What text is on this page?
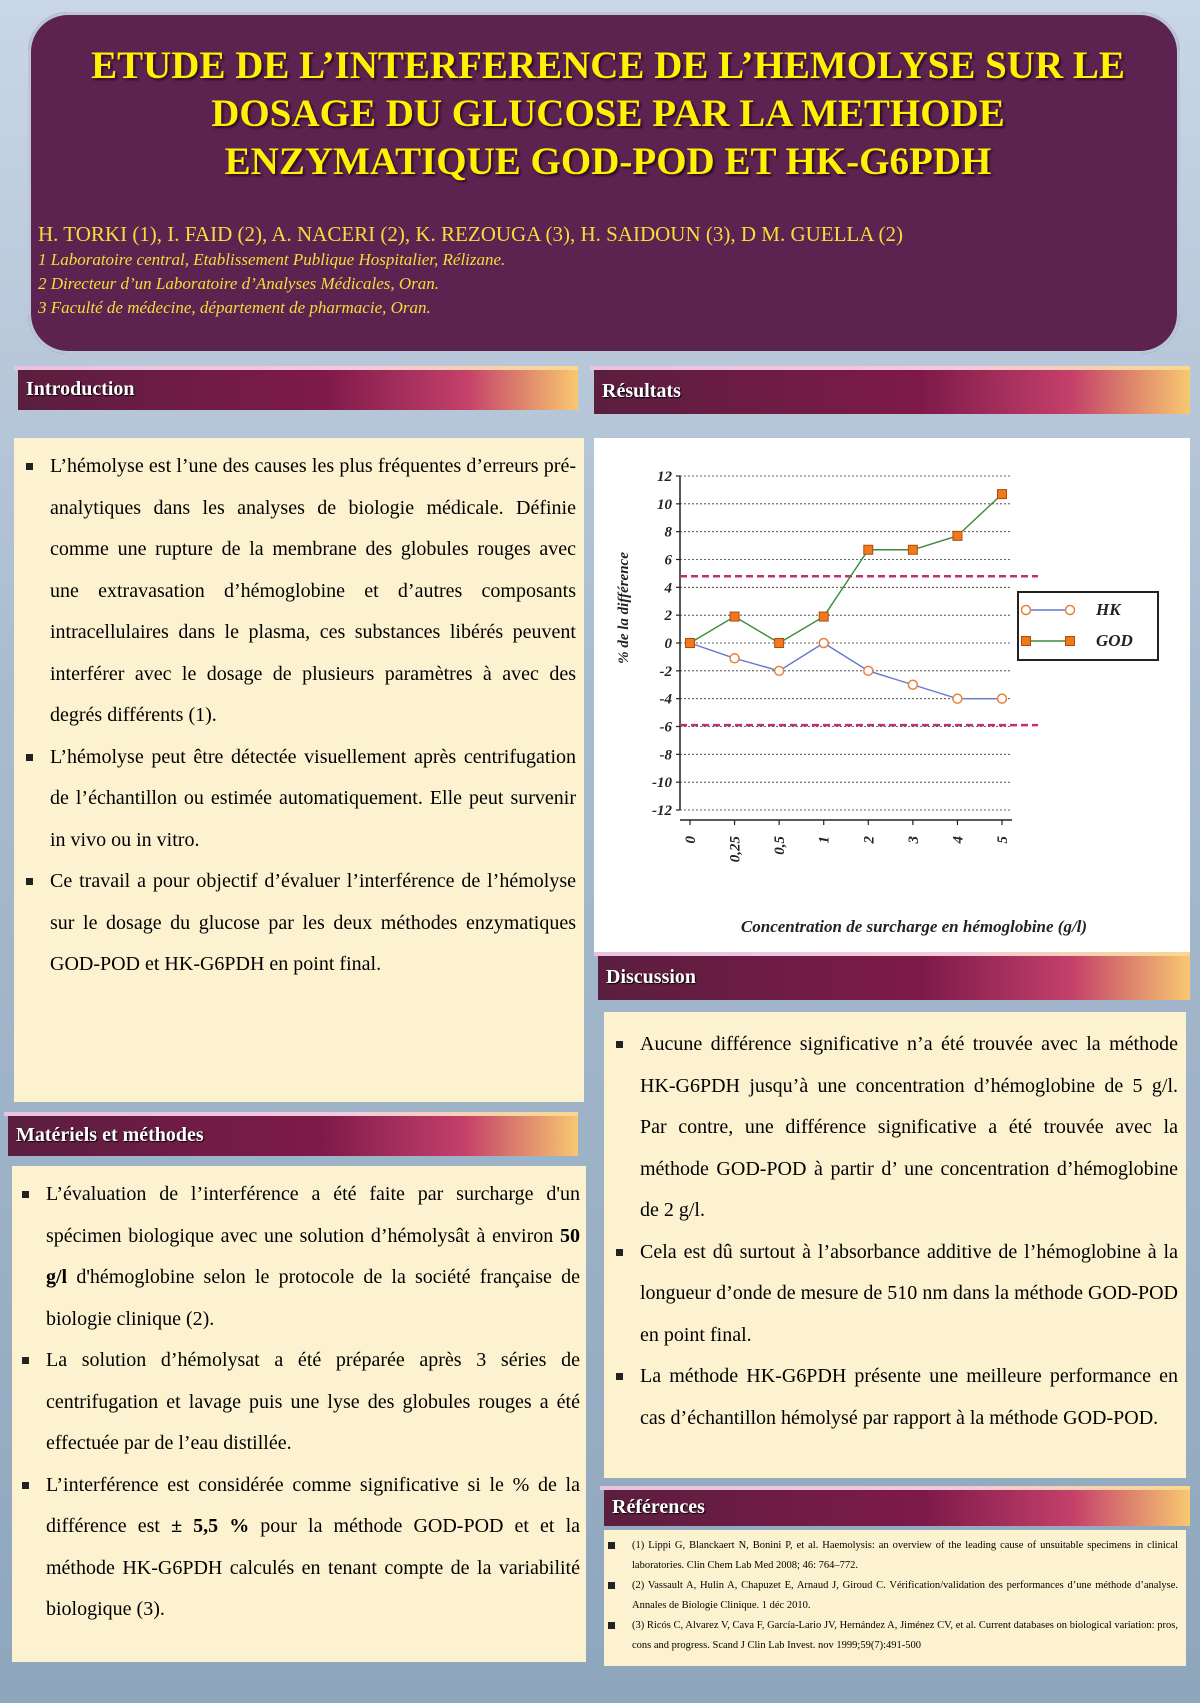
ETUDE DE L’INTERFERENCE DE L’HEMOLYSE SUR LE
DOSAGE DU GLUCOSE PAR LA METHODE
ENZYMATIQUE GOD-POD ET HK-G6PDH

H. TORKI (1), I. FAID (2), A. NACERI (2), K. REZOUGA (3), H. SAIDOUN (3), D M. GUELLA (2)

1 Laboratoire central, Etablissement Publique Hospitalier, Rélizane.

2 Directeur d’un Laboratoire d’Analyses Médicales, Oran.

3 Faculté de médecine, département de pharmacie, Oran.

Introduction
L’hémolyse est l’une des causes les plus fréquentes d’erreurs pré-analytiques dans les analyses de biologie médicale. Définie comme une rupture de la membrane des globules rouges avec une extravasation d’hémoglobine et d’autres composants intracellulaires dans le plasma, ces substances libérés peuvent interférer avec le dosage de plusieurs paramètres à avec des degrés différents (1).
L’hémolyse peut être détectée visuellement après centrifugation de l’échantillon ou estimée automatiquement. Elle peut survenir in vivo ou in vitro.
Ce travail a pour objectif d’évaluer l’interférence de l’hémolyse sur le dosage du glucose par les deux méthodes enzymatiques GOD-POD et HK-G6PDH en point final.
Matériels et méthodes
L’évaluation de l’interférence a été faite par surcharge d'un spécimen biologique avec une solution d’hémolysât à environ 50 g/l d'hémoglobine selon le protocole de la société française de biologie clinique (2).
La solution d’hémolysat a été préparée après 3 séries de centrifugation et lavage puis une lyse des globules rouges a été effectuée par de l’eau distillée.
L’interférence est considérée comme significative si le % de la différence est ± 5,5 % pour la méthode GOD-POD et et la méthode HK-G6PDH calculés en tenant compte de la variabilité biologique (3).
Résultats
12
10
8
6
4
2
0
-2
-4
-6
-8
-10
-12
0 0,25 0,5 1 2 3 4 5
% de la différence
Concentration de surcharge en hémoglobine (g/l)
HK
GOD
Discussion
Aucune différence significative n’a été trouvée avec la méthode HK-G6PDH jusqu’à une concentration d’hémoglobine de 5 g/l. Par contre, une différence significative a été trouvée avec la méthode GOD-POD à partir d’ une concentration d’hémoglobine de 2 g/l.
Cela est dû surtout à l’absorbance additive de l’hémoglobine à la longueur d’onde de mesure de 510 nm dans la méthode GOD-POD en point final.
La méthode HK-G6PDH présente une meilleure performance en cas d’échantillon hémolysé par rapport à la méthode GOD-POD.
Références
(1) Lippi G, Blanckaert N, Bonini P, et al. Haemolysis: an overview of the leading cause of unsuitable specimens in clinical laboratories. Clin Chem Lab Med 2008; 46: 764–772.
(2) Vassault A, Hulin A, Chapuzet E, Arnaud J, Giroud C. Vérification/validation des performances d’une méthode d’analyse. Annales de Biologie Clinique. 1 déc 2010.
(3) Ricós C, Alvarez V, Cava F, García-Lario JV, Hernández A, Jiménez CV, et al. Current databases on biological variation: pros, cons and progress. Scand J Clin Lab Invest. nov 1999;59(7):491-500
